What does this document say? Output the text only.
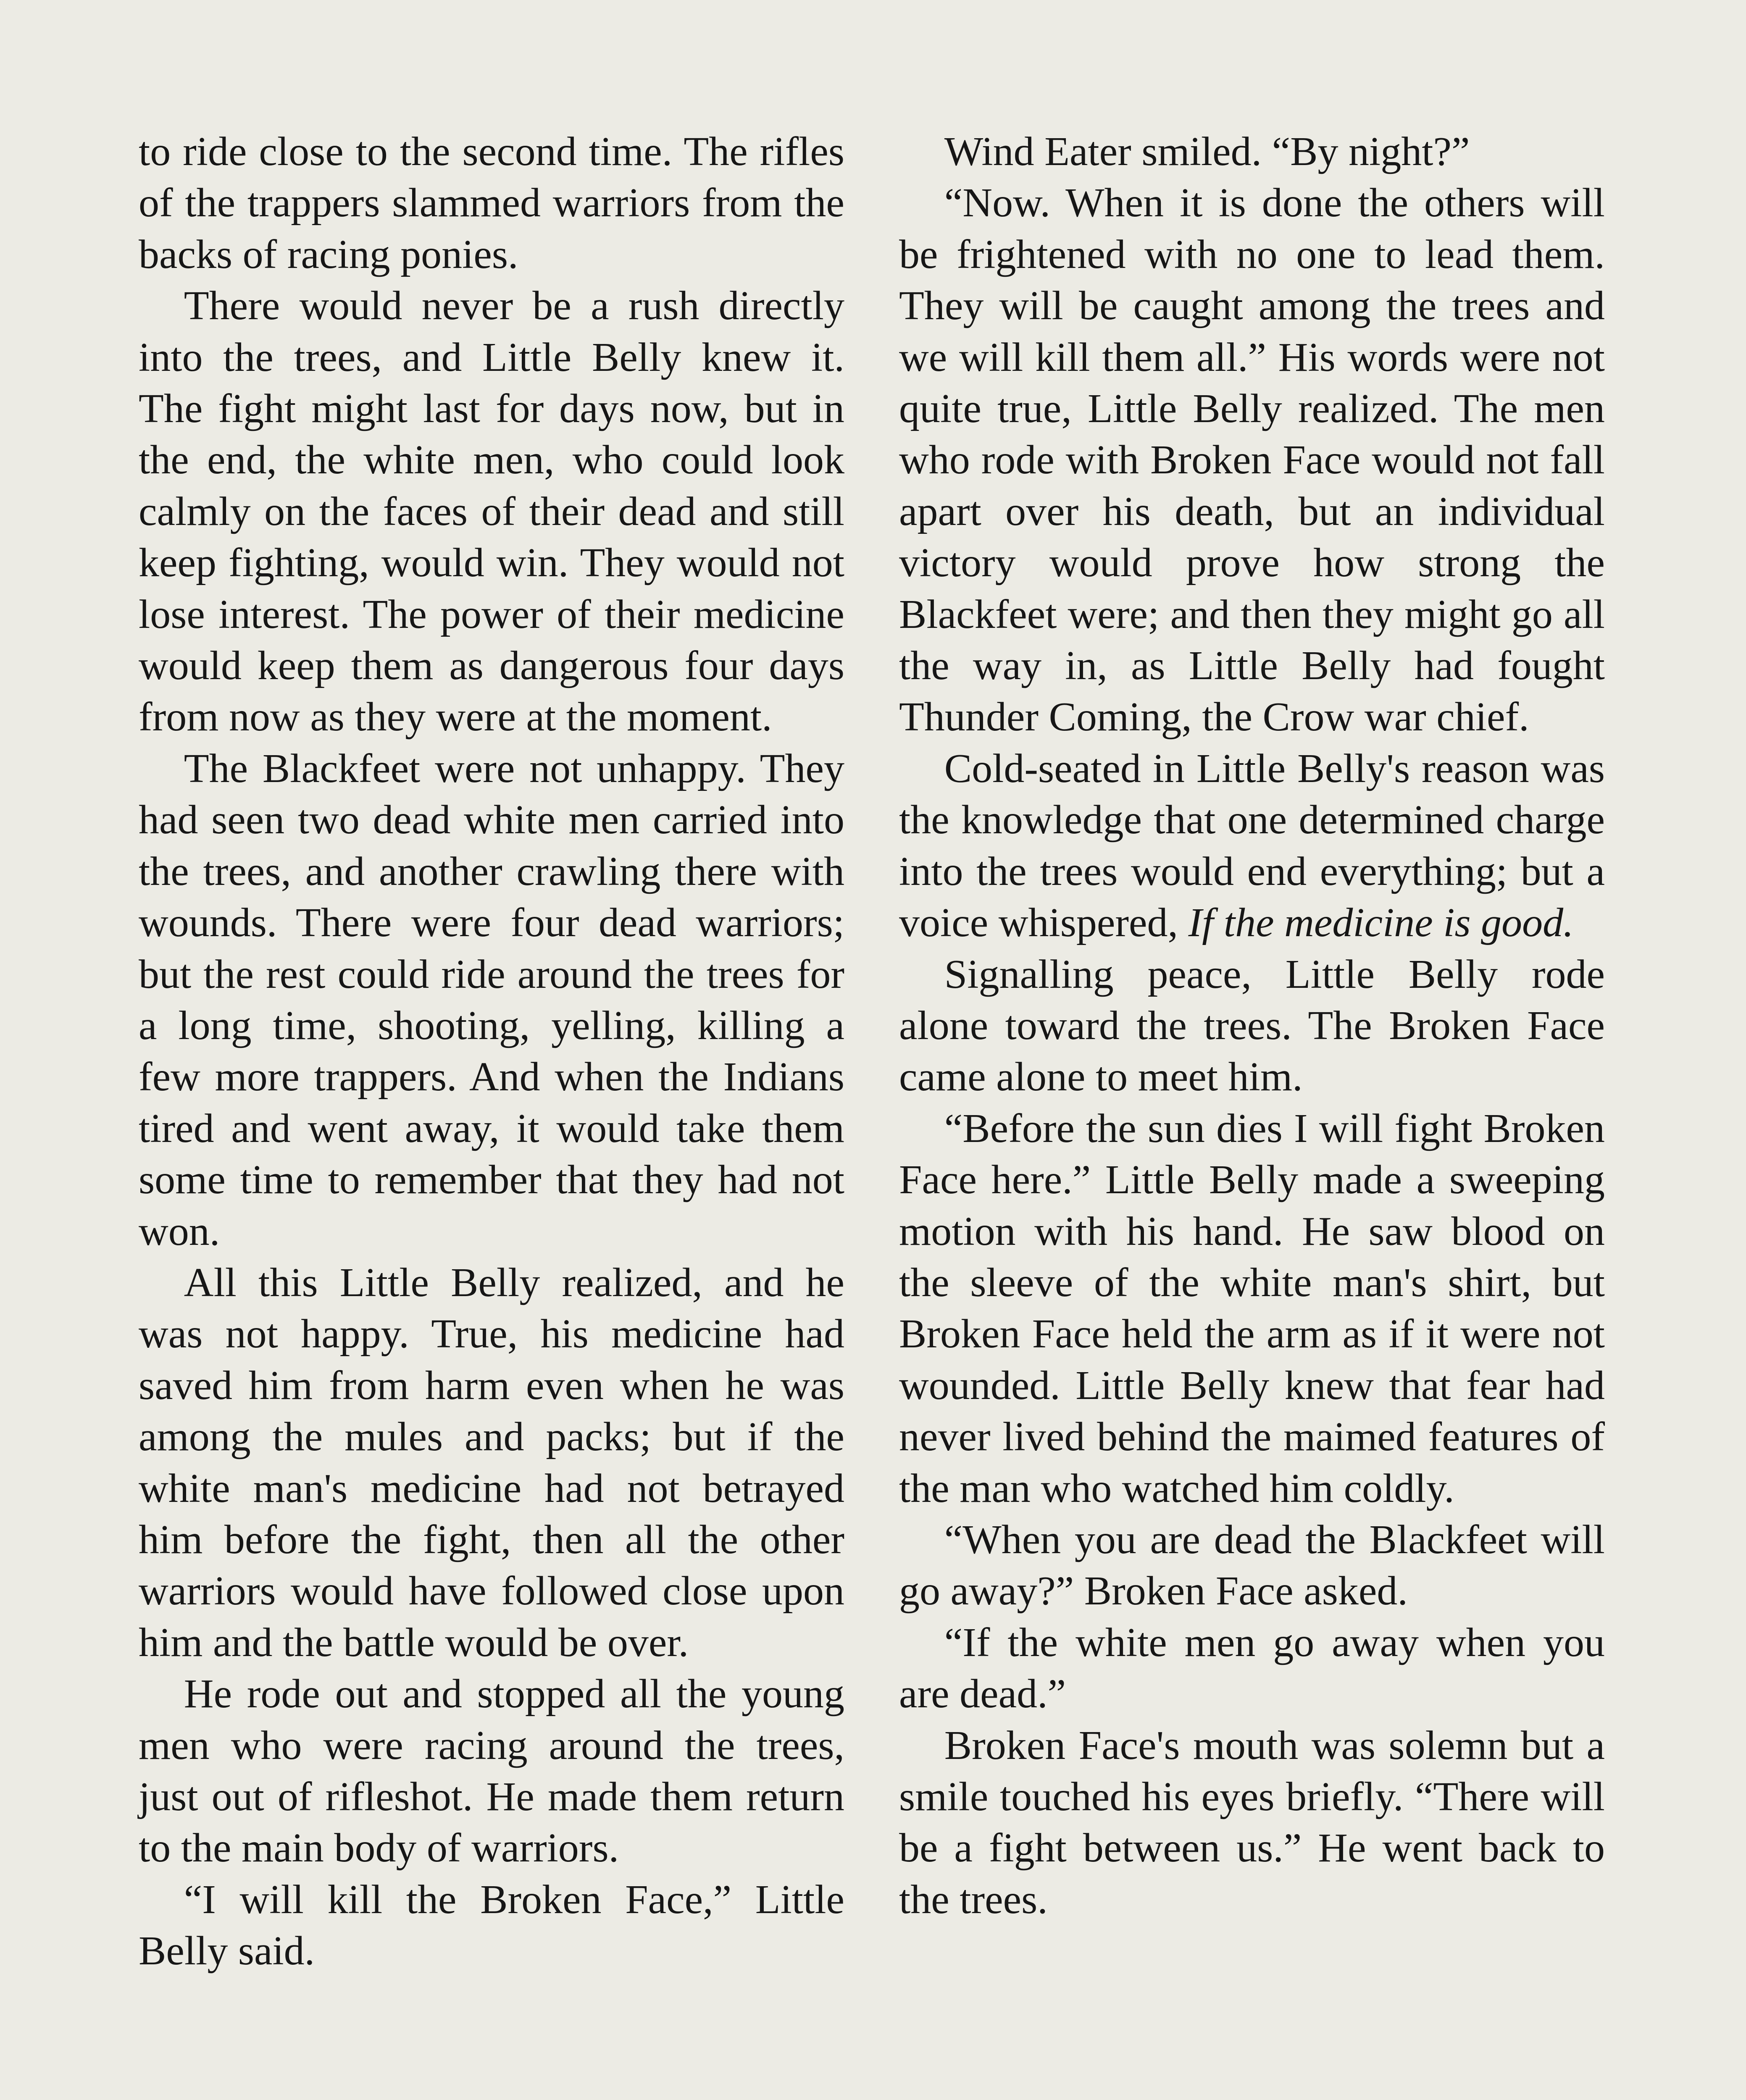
to ride close to the second time. The rifles of the trappers slammed warriors from the backs of racing ponies.

There would never be a rush directly into the trees, and Little Belly knew it. The fight might last for days now, but in the end, the white men, who could look calmly on the faces of their dead and still keep fighting, would win. They would not lose interest. The power of their medicine would keep them as dangerous four days from now as they were at the moment.

The Blackfeet were not unhappy. They had seen two dead white men carried into the trees, and another crawling there with wounds. There were four dead warriors; but the rest could ride around the trees for a long time, shooting, yelling, killing a few more trappers. And when the Indians tired and went away, it would take them some time to remember that they had not won.

All this Little Belly realized, and he was not happy. True, his medicine had saved him from harm even when he was among the mules and packs; but if the white man's medicine had not betrayed him before the fight, then all the other warriors would have followed close upon him and the battle would be over.

He rode out and stopped all the young men who were racing around the trees, just out of rifleshot. He made them return to the main body of warriors.

“I will kill the Broken Face,” Little Belly said.

Wind Eater smiled. “By night?”

“Now. When it is done the others will be frightened with no one to lead them. They will be caught among the trees and we will kill them all.” His words were not quite true, Little Belly realized. The men who rode with Broken Face would not fall apart over his death, but an individual victory would prove how strong the Blackfeet were; and then they might go all the way in, as Little Belly had fought Thunder Coming, the Crow war chief.

Cold-seated in Little Belly's reason was the knowledge that one determined charge into the trees would end everything; but a voice whispered, If the medicine is good.

Signalling peace, Little Belly rode alone toward the trees. The Broken Face came alone to meet him.

“Before the sun dies I will fight Broken Face here.” Little Belly made a sweeping motion with his hand. He saw blood on the sleeve of the white man's shirt, but Broken Face held the arm as if it were not wounded. Little Belly knew that fear had never lived behind the maimed features of the man who watched him coldly.

“When you are dead the Blackfeet will go away?” Broken Face asked.

“If the white men go away when you are dead.”

Broken Face's mouth was solemn but a smile touched his eyes briefly. “There will be a fight between us.” He went back to the trees.
